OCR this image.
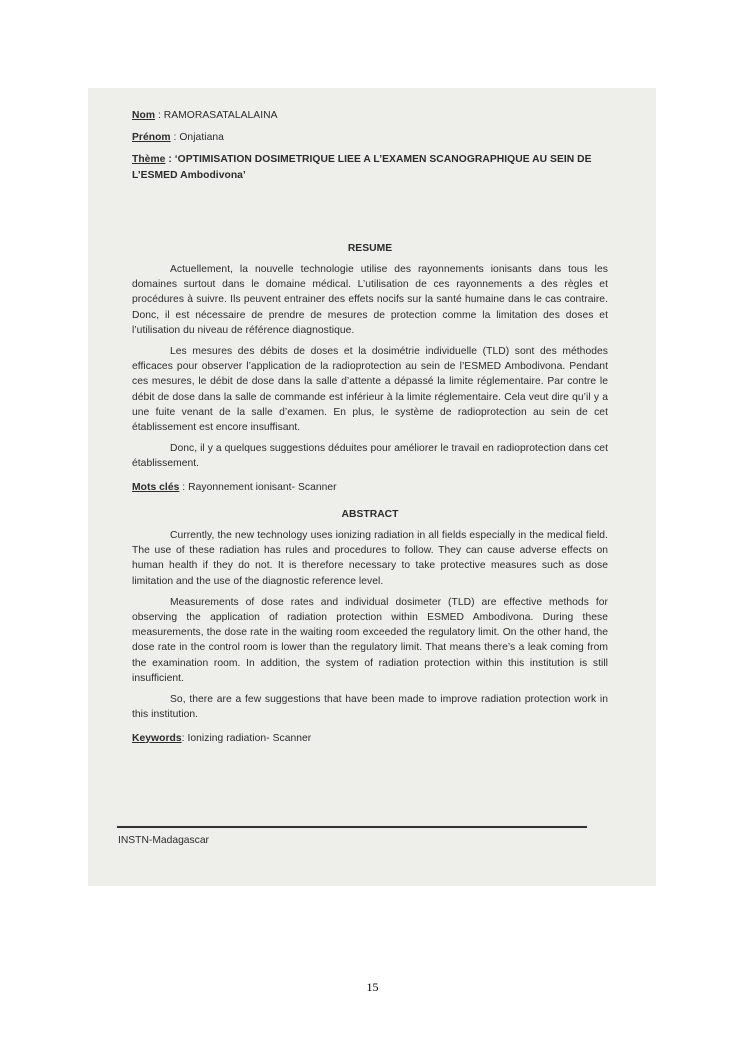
Nom : RAMORASATALALAINA
Prénom : Onjatiana
Thème : ‘OPTIMISATION DOSIMETRIQUE LIEE A L’EXAMEN SCANOGRAPHIQUE AU SEIN DE L’ESMED Ambodivona’
RESUME

Actuellement, la nouvelle technologie utilise des rayonnements ionisants dans tous les domaines surtout dans le domaine médical. L’utilisation de ces rayonnements a des règles et procédures à suivre. Ils peuvent entrainer des effets nocifs sur la santé humaine dans le cas contraire. Donc, il est nécessaire de prendre de mesures de protection comme la limitation des doses et l’utilisation du niveau de référence diagnostique.

Les mesures des débits de doses et la dosimétrie individuelle (TLD) sont des méthodes efficaces pour observer l’application de la radioprotection au sein de l’ESMED Ambodivona. Pendant ces mesures, le débit de dose dans la salle d’attente a dépassé la limite réglementaire. Par contre le débit de dose dans la salle de commande est inférieur à la limite réglementaire. Cela veut dire qu’il y a une fuite venant de la salle d’examen. En plus, le système de radioprotection au sein de cet établissement est encore insuffisant.

Donc, il y a quelques suggestions déduites pour améliorer le travail en radioprotection dans cet établissement.

Mots clés : Rayonnement ionisant- Scanner
ABSTRACT

Currently, the new technology uses ionizing radiation in all fields especially in the medical field. The use of these radiation has rules and procedures to follow. They can cause adverse effects on human health if they do not. It is therefore necessary to take protective measures such as dose limitation and the use of the diagnostic reference level.

Measurements of dose rates and individual dosimeter (TLD) are effective methods for observing the application of radiation protection within ESMED Ambodivona. During these measurements, the dose rate in the waiting room exceeded the regulatory limit. On the other hand, the dose rate in the control room is lower than the regulatory limit. That means there’s a leak coming from the examination room. In addition, the system of radiation protection within this institution is still insufficient.

So, there are a few suggestions that have been made to improve radiation protection work in this institution.

Keywords: Ionizing radiation- Scanner
INSTN-Madagascar
15
